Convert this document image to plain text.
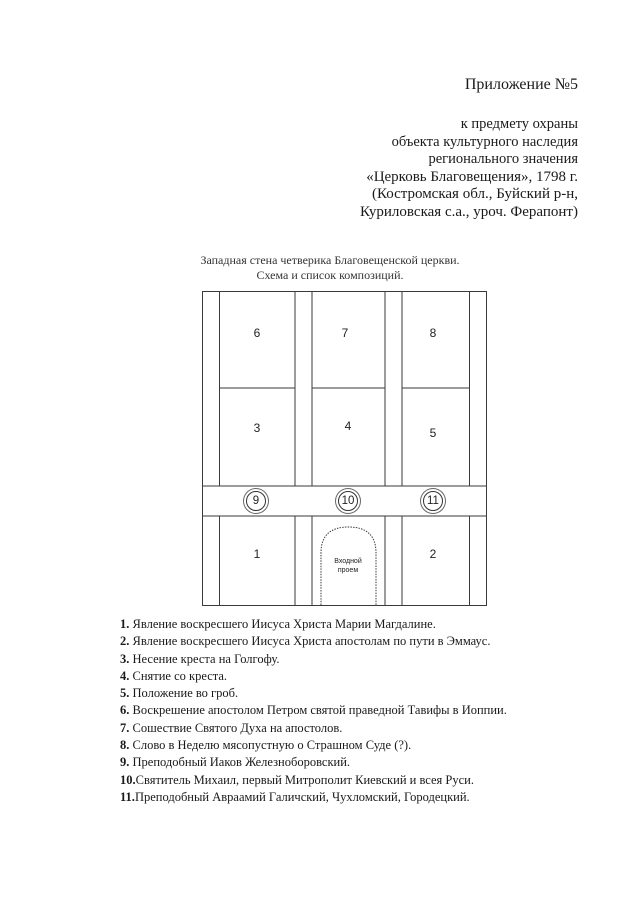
Приложение №5
к предмету охраны
объекта культурного наследия
регионального значения
«Церковь Благовещения», 1798 г.
(Костромская обл., Буйский р-н,
Куриловская с.а., уроч. Ферапонт)
Западная стена четверика Благовещенской церкви.
Схема и список композиций.
6	7	8
3	4	5
1	2
9	10	11
Входной
проем
1. Явление воскресшего Иисуса Христа Марии Магдалине.
2. Явление воскресшего Иисуса Христа апостолам по пути в Эммаус.
3. Несение креста на Голгофу.
4. Снятие со креста.
5. Положение во гроб.
6. Воскрешение апостолом Петром святой праведной Тавифы в Иоппии.
7. Сошествие Святого Духа на апостолов.
8. Слово в Неделю мясопустную о Страшном Суде (?).
9. Преподобный Иаков Железноборовский.
10.Святитель Михаил, первый Митрополит Киевский и всея Руси.
11.Преподобный Авраамий Галичский, Чухломский, Городецкий.
